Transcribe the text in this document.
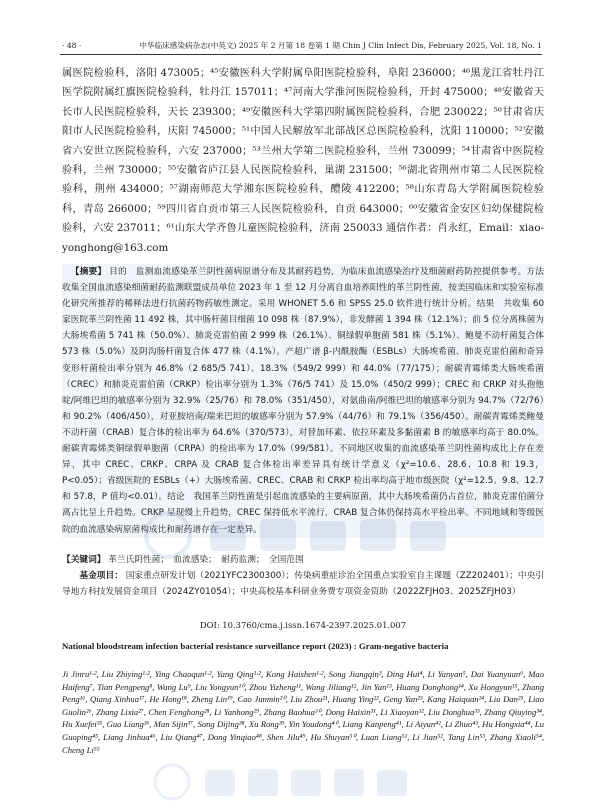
· 48 ·	中华临床感染病杂志(中英文) 2025 年 2 月第 18 卷第 1 期 Chin J Clin Infect Dis, February 2025, Vol. 18, No. 1

属医院检验科，洛阳 473005；⁴⁵安徽医科大学附属阜阳医院检验科，阜阳 236000；⁴⁶黑龙江省牡丹江医学院附属红旗医院检验科，牡丹江 157011；⁴⁷河南大学淮河医院检验科，开封 475000；⁴⁸安徽省天长市人民医院检验科，天长 239300；⁴⁹安徽医科大学第四附属医院检验科，合肥 230022；⁵⁰甘肃省庆阳市人民医院检验科，庆阳 745000；⁵¹中国人民解放军北部战区总医院检验科，沈阳 110000；⁵²安徽省六安世立医院检验科，六安 237000；⁵³兰州大学第二医院检验科，兰州 730099；⁵⁴甘肃省中医院检验科，兰州 730000；⁵⁵安徽省庐江县人民医院检验科，巢湖 231500；⁵⁶湖北省荆州市第二人民医院检验科，荆州 434000；⁵⁷湖南师范大学湘东医院检验科，醴陵 412200；⁵⁸山东青岛大学附属医院检验科，青岛 266000；⁵⁹四川省自贡市第三人民医院检验科，自贡 643000；⁶⁰安徽省金安区妇幼保健院检验科，六安 237011；⁶¹山东大学齐鲁儿童医院检验科，济南 250033 通信作者：肖永红，Email：xiao-yonghong@163.com

【摘要】 目的　监测血流感染革兰阴性菌病原谱分布及其耐药趋势，为临床血流感染治疗及细菌耐药防控提供参考。方法　收集全国血流感染细菌耐药监测联盟成员单位 2023 年 1 至 12 月分离自血培养阳性的革兰阴性菌，按美国临床和实验室标准化研究所推荐的稀释法进行抗菌药物药敏性测定。采用 WHONET 5.6 和 SPSS 25.0 软件进行统计分析。结果　共收集 60 家医院革兰阴性菌 11 492 株，其中肠杆菌目细菌 10 098 株（87.9%），非发酵菌 1 394 株（12.1%）；前 5 位分离株菌为大肠埃希菌 5 741 株（50.0%）、肺炎克雷伯菌 2 999 株（26.1%）、铜绿假单胞菌 581 株（5.1%）、鲍曼不动杆菌复合体 573 株（5.0%）及阴沟肠杆菌复合体 477 株（4.1%）。产超广谱 β-内酰胺酶（ESBLs）大肠埃希菌、肺炎克雷伯菌和奇异变形杆菌检出率分别为 46.8%（2 685/5 741）、18.3%（549/2 999）和 44.0%（77/175）；耐碳青霉烯类大肠埃希菌（CREC）和肺炎克雷伯菌（CRKP）检出率分别为 1.3%（76/5 741）及 15.0%（450/2 999）；CREC 和 CRKP 对头孢他啶/阿维巴坦的敏感率分别为 32.9%（25/76）和 78.0%（351/450），对氨曲南/阿维巴坦的敏感率分别为 94.7%（72/76）和 90.2%（406/450），对亚胺培南/瑞来巴坦的敏感率分别为 57.9%（44/76）和 79.1%（356/450）。耐碳青霉烯类鲍曼不动杆菌（CRAB）复合体的检出率为 64.6%（370/573），对替加环素、依拉环素及多黏菌素 B 的敏感率均高于 80.0%。耐碳青霉烯类铜绿假单胞菌（CRPA）的检出率为 17.0%（99/581）。不同地区收集的血流感染革兰阴性菌构成比上存在差异，其中 CREC、CRKP、CRPA 及 CRAB 复合体检出率差异具有统计学意义（χ²=10.6、28.6、10.8 和 19.3，P<0.05）；省级医院的 ESBLs（+）大肠埃希菌、CREC、CRAB 和 CRKP 检出率均高于地市级医院（χ²=12.5、9.8、12.7 和 57.8，P 值均<0.01）。结论　我国革兰阴性菌是引起血流感染的主要病原菌，其中大肠埃希菌仍占首位，肺炎克雷伯菌分离占比呈上升趋势。CRKP 呈现慢上升趋势，CREC 保持低水平流行，CRAB 复合体仍保持高水平检出率。不同地域和等级医院的血流感染病原菌构成比和耐药谱存在一定差异。

【关键词】 革兰氏阴性菌；　血流感染；　耐药监测；　全国范围

基金项目： 国家重点研发计划（2021YFC2300300）；传染病重症诊治全国重点实验室自主课题（ZZ202401）；中央引导地方科技发展资金项目（2024ZY01054）；中央高校基本科研业务费专项资金资助（2022ZFJH03、2025ZFJH03）

DOI: 10.3760/cma.j.issn.1674-2397.2025.01.007
National bloodstream infection bacterial resistance surveillance report (2023) : Gram-negative bacteria
Ji Jinru¹·², Liu Zhiying¹·², Ying Chaoqun¹·², Yang Qing¹·², Kong Haishen¹·², Song Jiangqin³, Ding Hui⁴, Li Yanyan⁵, Dai Yuanyuan⁶, Mao Haifeng⁷, Tian Pengpeng⁸, Wang Lu⁹, Liu Yongyun¹⁰, Zhou Yizheng¹¹, Wang Jiliang¹², Jin Yan¹³, Huang Donghong¹⁴, Xu Hongyun¹⁵, Zhang Peng¹⁶, Qiang Xinhua¹⁷, He Hong¹⁸, Zheng Lin¹⁹, Cao Junmin²⁰, Liu Zhou²¹, Huang Ying²², Geng Yan²³, Kang Haiquan²⁴, Liu Dan²⁵, Liao Guolin²⁶, Zhang Lixia²⁷, Chen Fenghong²⁸, Li Yanhong²⁹, Zhang Baohua³⁰, Dong Haixin³¹, Li Xiaoyan³², Liu Donghua³³, Zhang Qiuying³⁴, Hu Xuefei³⁵, Guo Liang³⁶, Man Sijin³⁷, Song Dijing³⁸, Xu Rong³⁹, Yin Youdong⁴⁰, Liang Kanpeng⁴¹, Li Aiyun⁴², Li Zhuo⁴³, Hu Hongxia⁴⁴, Lu Guoping⁴⁵, Liang Jinhua⁴⁶, Liu Qiang⁴⁷, Dong Yinqiao⁴⁸, Shen Jilu⁴⁹, Hu Shuyan⁵⁰, Luan Liang⁵¹, Li Jian⁵², Tang Lin⁵³, Zhang Xiaoli⁵⁴, Cheng Li⁵⁵
